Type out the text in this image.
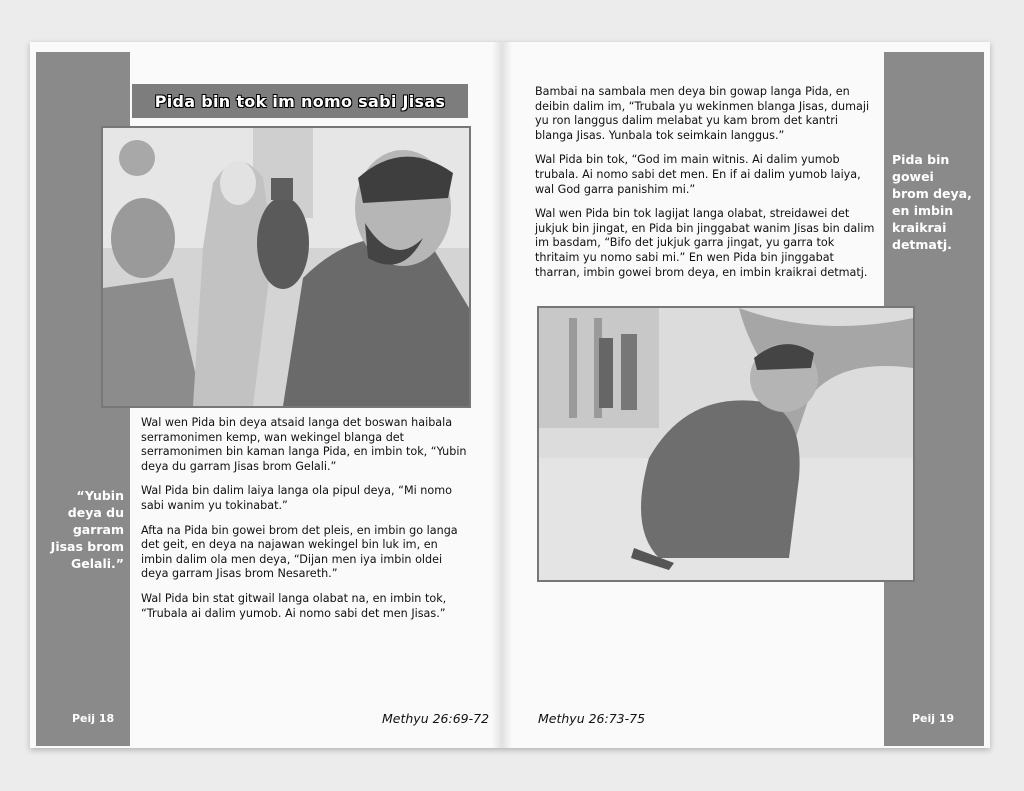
Pida bin tok im nomo sabi Jisas

Wal wen Pida bin deya atsaid langa det boswan haibala serramonimen kemp, wan wekingel blanga det serramonimen bin kaman langa Pida, en imbin tok, “Yubin deya du garram Jisas brom Gelali.”

Wal Pida bin dalim laiya langa ola pipul deya, “Mi nomo sabi wanim yu tokinabat.”

Afta na Pida bin gowei brom det pleis, en imbin go langa det geit, en deya na najawan wekingel bin luk im, en imbin dalim ola men deya, “Dijan men iya imbin oldei deya garram Jisas brom Nesareth.”

Wal Pida bin stat gitwail langa olabat na, en imbin tok, “Trubala ai dalim yumob. Ai nomo sabi det men Jisas.”

“Yubin
deya du
garram
Jisas brom
Gelali.”
Peij 18	Methyu 26:69-72

Bambai na sambala men deya bin gowap langa Pida, en deibin dalim im, “Trubala yu wekinmen blanga Jisas, dumaji yu ron langgus dalim melabat yu kam brom det kantri blanga Jisas. Yunbala tok seimkain langgus.”

Wal Pida bin tok, “God im main witnis. Ai dalim yumob trubala. Ai nomo sabi det men. En if ai dalim yumob laiya, wal God garra panishim mi.”

Wal wen Pida bin tok lagijat langa olabat, streidawei det jukjuk bin jingat, en Pida bin jinggabat wanim Jisas bin dalim im basdam, “Bifo det jukjuk garra jingat, yu garra tok thritaim yu nomo sabi mi.” En wen Pida bin jinggabat tharran, imbin gowei brom deya, en imbin kraikrai detmatj.

Pida bin
gowei
brom deya,
en imbin
kraikrai
detmatj.
Methyu 26:73-75	Peij 19
